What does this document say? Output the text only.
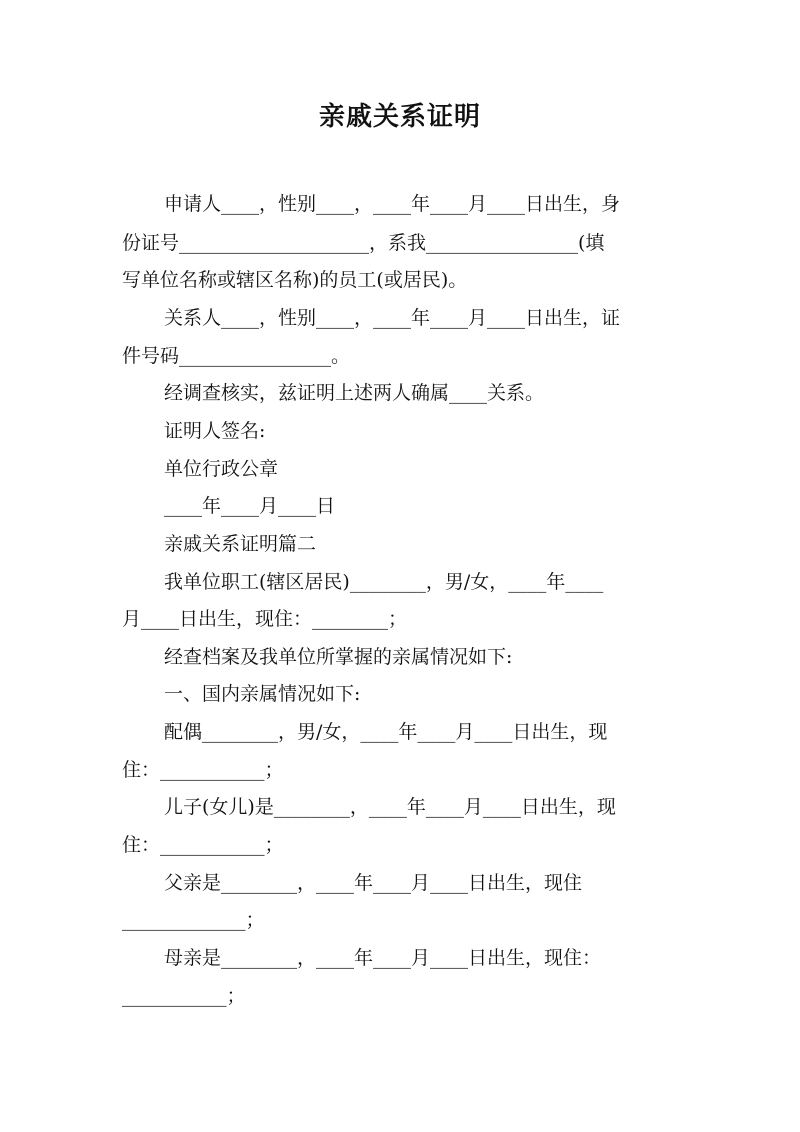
亲戚关系证明
申请人____，性别____，____年____月____日出生，身
份证号____________________，系我________________(填
写单位名称或辖区名称)的员工(或居民)。
关系人____，性别____，____年____月____日出生，证
件号码________________。
经调查核实，兹证明上述两人确属____关系。
证明人签名:
单位行政公章
____年____月____日
亲戚关系证明篇二
我单位职工(辖区居民)________，男/女，____年____
月____日出生，现住：________；
经查档案及我单位所掌握的亲属情况如下:
一、国内亲属情况如下:
配偶________，男/女，____年____月____日出生，现
住：___________；
儿子(女儿)是________，____年____月____日出生，现
住：___________；
父亲是________，____年____月____日出生，现住
_____________；
母亲是________，____年____月____日出生，现住：
___________；
